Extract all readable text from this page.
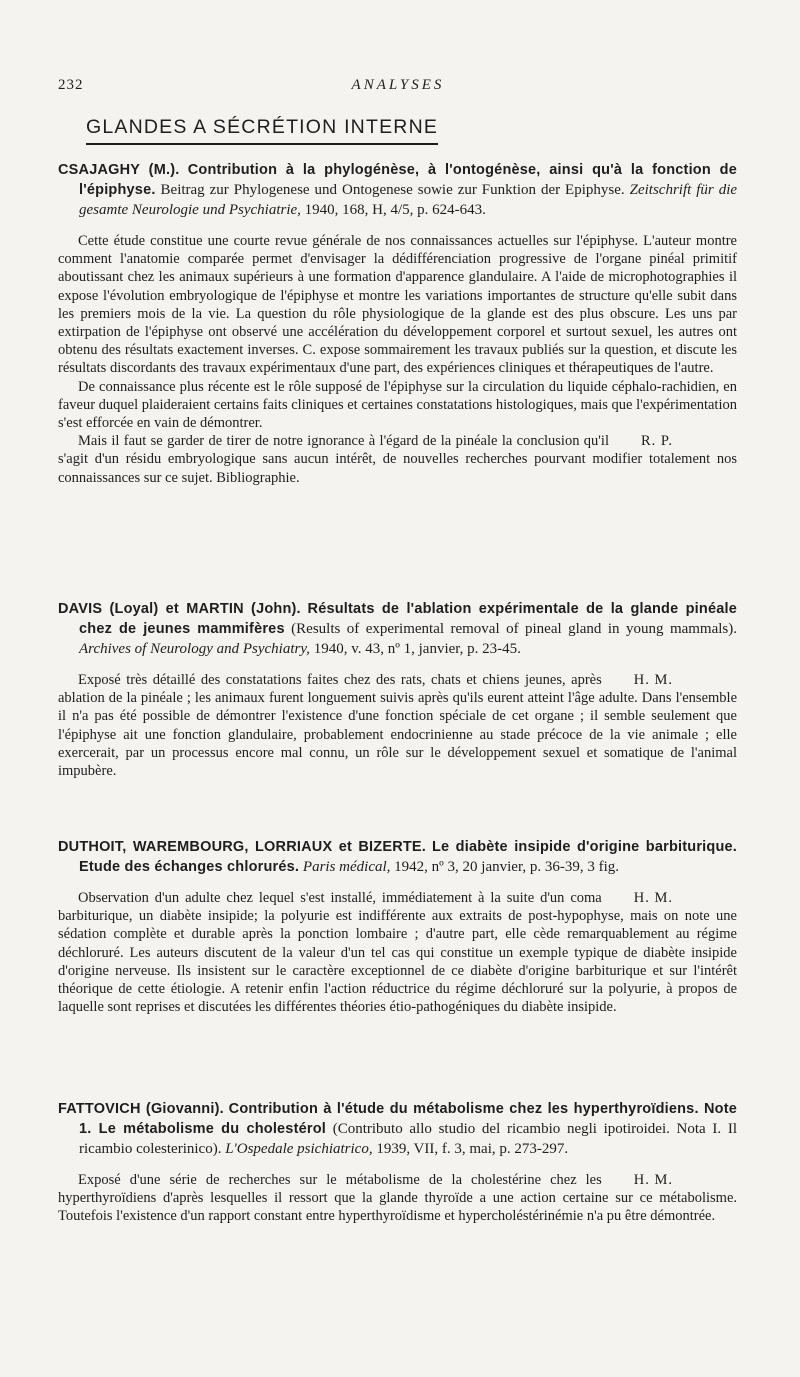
232	ANALYSES
GLANDES A SÉCRÉTION INTERNE

CSAJAGHY (M.). Contribution à la phylogénèse, à l'ontogénèse, ainsi qu'à la fonction de l'épiphyse. Beitrag zur Phylogenese und Ontogenese sowie zur Funktion der Epiphyse. Zeitschrift für die gesamte Neurologie und Psychiatrie, 1940, 168, H, 4/5, p. 624-643.

Cette étude constitue une courte revue générale de nos connaissances actuelles sur l'épiphyse. L'auteur montre comment l'anatomie comparée permet d'envisager la dédifférenciation progressive de l'organe pinéal primitif aboutissant chez les animaux supérieurs à une formation d'apparence glandulaire. A l'aide de microphotographies il expose l'évolution embryologique de l'épiphyse et montre les variations importantes de structure qu'elle subit dans les premiers mois de la vie. La question du rôle physiologique de la glande est des plus obscure. Les uns par extirpation de l'épiphyse ont observé une accélération du développement corporel et surtout sexuel, les autres ont obtenu des résultats exactement inverses. C. expose sommairement les travaux publiés sur la question, et discute les résultats discordants des travaux expérimentaux d'une part, des expériences cliniques et thérapeutiques de l'autre.

De connaissance plus récente est le rôle supposé de l'épiphyse sur la circulation du liquide céphalo-rachidien, en faveur duquel plaideraient certains faits cliniques et certaines constatations histologiques, mais que l'expérimentation s'est efforcée en vain de démontrer.

R. P.
Mais il faut se garder de tirer de notre ignorance à l'égard de la pinéale la conclusion qu'il s'agit d'un résidu embryologique sans aucun intérêt, de nouvelles recherches pourvant modifier totalement nos connaissances sur ce sujet. Bibliographie.

DAVIS (Loyal) et MARTIN (John). Résultats de l'ablation expérimentale de la glande pinéale chez de jeunes mammifères (Results of experimental removal of pineal gland in young mammals). Archives of Neurology and Psychiatry, 1940, v. 43, nº 1, janvier, p. 23-45.

H. M.
Exposé très détaillé des constatations faites chez des rats, chats et chiens jeunes, après ablation de la pinéale ; les animaux furent longuement suivis après qu'ils eurent atteint l'âge adulte. Dans l'ensemble il n'a pas été possible de démontrer l'existence d'une fonction spéciale de cet organe ; il semble seulement que l'épiphyse ait une fonction glandulaire, probablement endocrinienne au stade précoce de la vie animale ; elle exercerait, par un processus encore mal connu, un rôle sur le développement sexuel et somatique de l'animal impubère.

DUTHOIT, WAREMBOURG, LORRIAUX et BIZERTE. Le diabète insipide d'origine barbiturique. Etude des échanges chlorurés. Paris médical, 1942, nº 3, 20 janvier, p. 36-39, 3 fig.

H. M.
Observation d'un adulte chez lequel s'est installé, immédiatement à la suite d'un coma barbiturique, un diabète insipide; la polyurie est indifférente aux extraits de post-hypophyse, mais on note une sédation complète et durable après la ponction lombaire ; d'autre part, elle cède remarquablement au régime déchloruré. Les auteurs discutent de la valeur d'un tel cas qui constitue un exemple typique de diabète insipide d'origine nerveuse. Ils insistent sur le caractère exceptionnel de ce diabète d'origine barbiturique et sur l'intérêt théorique de cette étiologie. A retenir enfin l'action réductrice du régime déchloruré sur la polyurie, à propos de laquelle sont reprises et discutées les différentes théories étio-pathogéniques du diabète insipide.

FATTOVICH (Giovanni). Contribution à l'étude du métabolisme chez les hyperthyroïdiens. Note 1. Le métabolisme du cholestérol (Contributo allo studio del ricambio negli ipotiroidei. Nota I. Il ricambio colesterinico). L'Ospedale psichiatrico, 1939, VII, f. 3, mai, p. 273-297.

H. M.
Exposé d'une série de recherches sur le métabolisme de la cholestérine chez les hyperthyroïdiens d'après lesquelles il ressort que la glande thyroïde a une action certaine sur ce métabolisme. Toutefois l'existence d'un rapport constant entre hyperthyroïdisme et hypercholéstérinémie n'a pu être démontrée.
